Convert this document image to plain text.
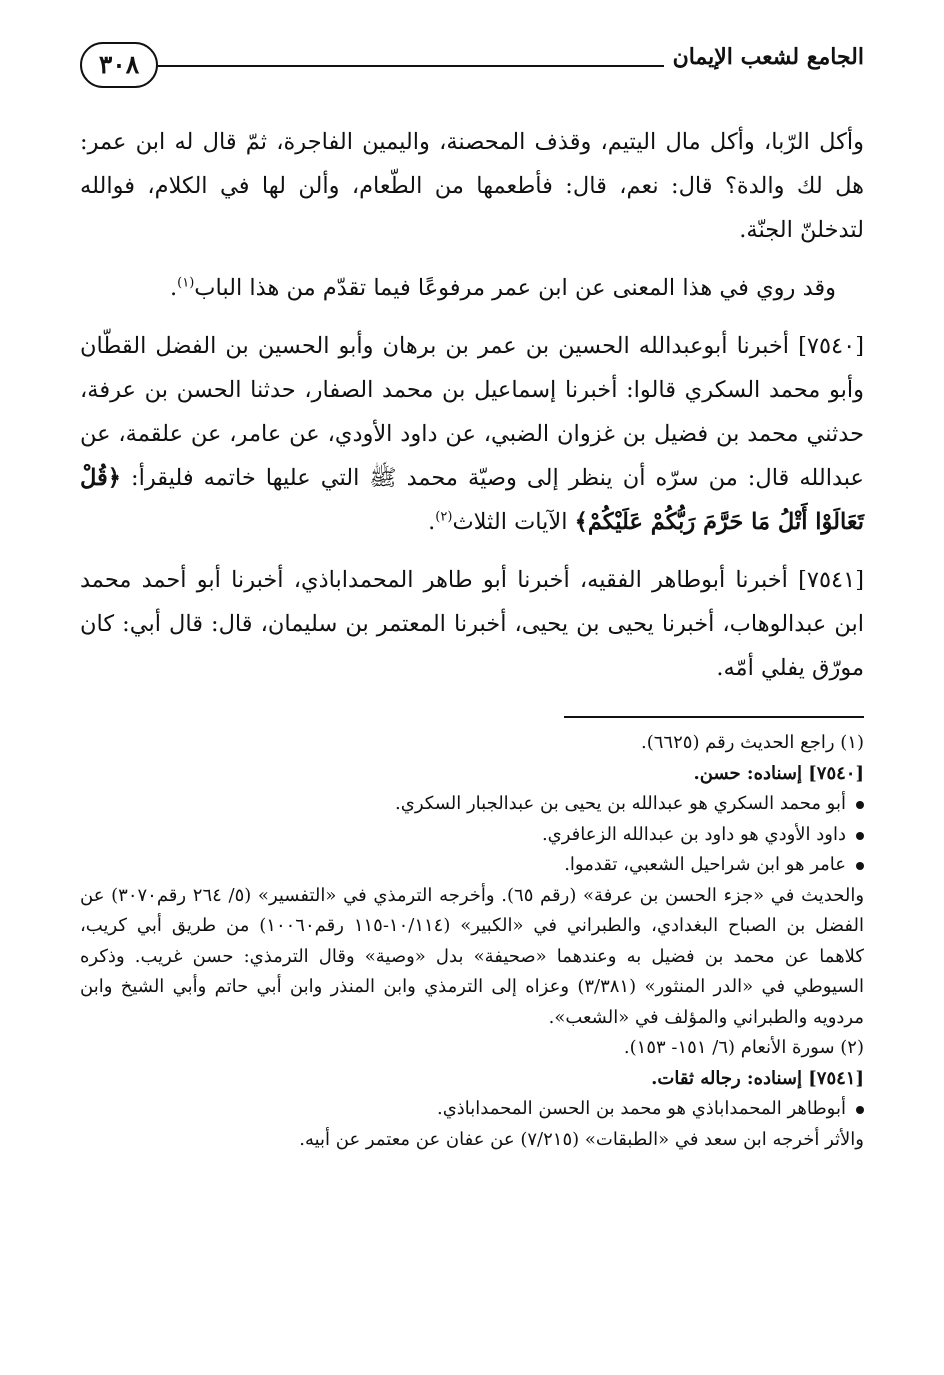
الجامع لشعب الإيمان
٣٠٨

وأكل الرّبا، وأكل مال اليتيم، وقذف المحصنة، واليمين الفاجرة، ثمّ قال له ابن عمر: هل لك والدة؟ قال: نعم، قال: فأطعمها من الطّعام، وألن لها في الكلام، فوالله لتدخلنّ الجنّة.

وقد روي في هذا المعنى عن ابن عمر مرفوعًا فيما تقدّم من هذا الباب$^{(١)}$.

[٧٥٤٠] أخبرنا أبوعبدالله الحسين بن عمر بن برهان وأبو الحسين بن الفضل القطّان وأبو محمد السكري قالوا: أخبرنا إسماعيل بن محمد الصفار، حدثنا الحسن بن عرفة، حدثني محمد بن فضيل بن غزوان الضبي، عن داود الأودي، عن عامر، عن علقمة، عن عبدالله قال: من سرّه أن ينظر إلى وصيّة محمد ﷺ التي عليها خاتمه فليقرأ: ﴿قُلْ تَعَالَوْا أَتْلُ مَا حَرَّمَ رَبُّكُمْ عَلَيْكُمْ﴾ الآيات الثلاث$^{(٢)}$.

[٧٥٤١] أخبرنا أبوطاهر الفقيه، أخبرنا أبو طاهر المحمداباذي، أخبرنا أبو أحمد محمد ابن عبدالوهاب، أخبرنا يحيى بن يحيى، أخبرنا المعتمر بن سليمان، قال: قال أبي: كان مورّق يفلي أمّه.

(١) راجع الحديث رقم (٦٦٢٥).

[٧٥٤٠] إسناده: حسن.

أبو محمد السكري هو عبدالله بن يحيى بن عبدالجبار السكري.

داود الأودي هو داود بن عبدالله الزعافري.

عامر هو ابن شراحيل الشعبي، تقدموا.

والحديث في «جزء الحسن بن عرفة» (رقم ٦٥). وأخرجه الترمذي في «التفسير» (٥/ ٢٦٤ رقم٣٠٧٠) عن الفضل بن الصباح البغدادي، والطبراني في «الكبير» (١٠/١١٤-١١٥ رقم١٠٠٦٠) من طريق أبي كريب، كلاهما عن محمد بن فضيل به وعندهما «صحيفة» بدل «وصية» وقال الترمذي: حسن غريب. وذكره السيوطي في «الدر المنثور» (٣/٣٨١) وعزاه إلى الترمذي وابن المنذر وابن أبي حاتم وأبي الشيخ وابن مردويه والطبراني والمؤلف في «الشعب».

(٢) سورة الأنعام (٦/ ١٥١- ١٥٣).

[٧٥٤١] إسناده: رجاله ثقات.

أبوطاهر المحمداباذي هو محمد بن الحسن المحمداباذي.

والأثر أخرجه ابن سعد في «الطبقات» (٧/٢١٥) عن عفان عن معتمر عن أبيه.
